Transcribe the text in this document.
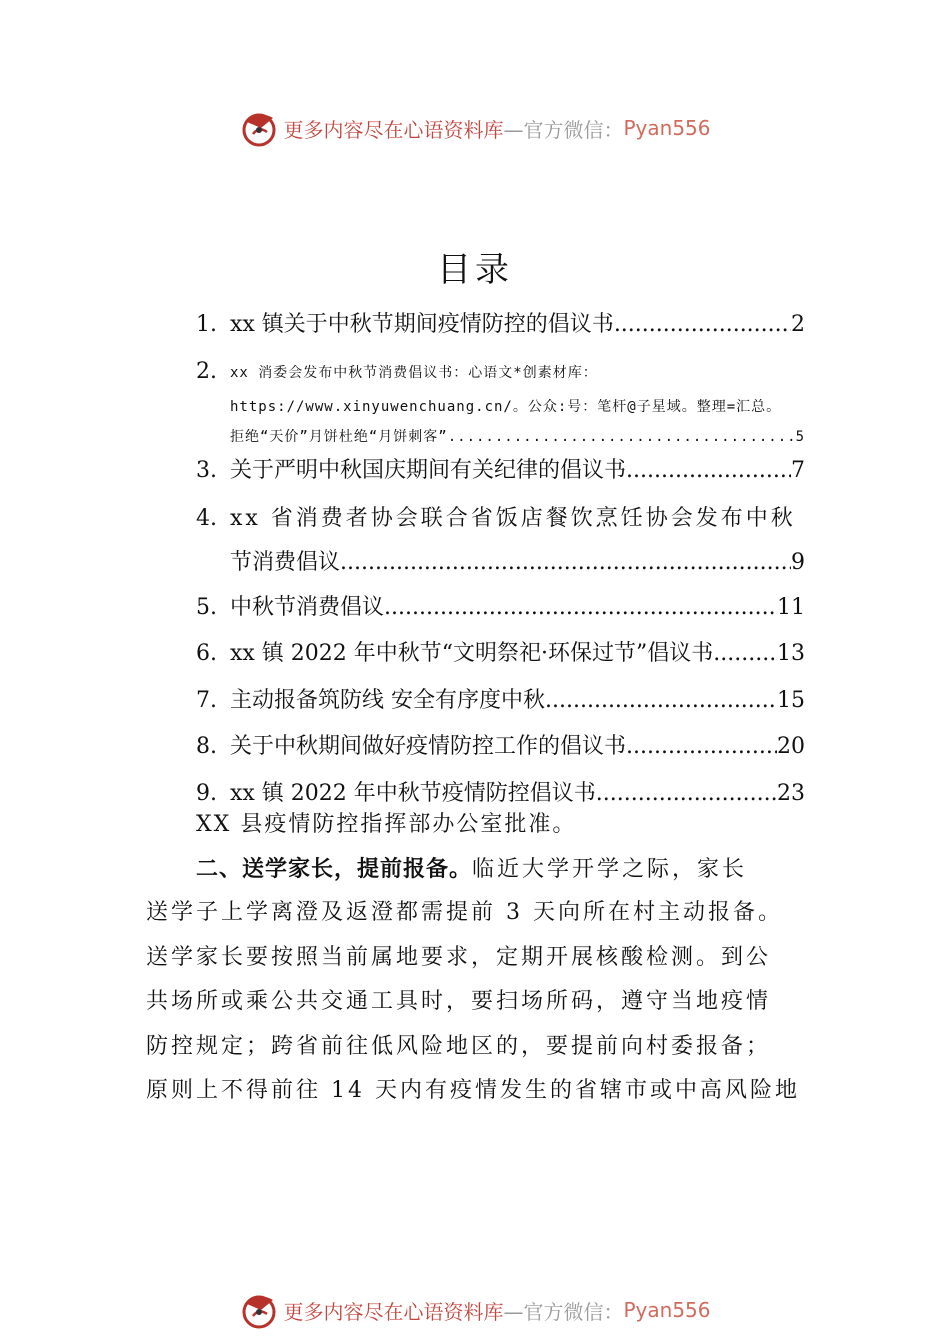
更多内容尽在心语资料库 —官方微信： Pyan556
目录
1. xx 镇关于中秋节期间疫情防控的倡议书 .....	2
2. xx 消委会发布中秋节消费倡议书：心语文*创素材库：
https://www.xinyuwenchuang.cn/。公众:号：笔杆@子星域。整理=汇总。
拒绝“天价”月饼杜绝“月饼刺客” .....	5
3. 关于严明中秋国庆期间有关纪律的倡议书 .....	7
4. xx 省消费者协会联合省饭店餐饮烹饪协会发布中秋
节消费倡议 .....	9
5. 中秋节消费倡议 .....	11
6. xx 镇 2022 年中秋节“文明祭祀·环保过节”倡议书 .....	13
7. 主动报备筑防线 安全有序度中秋 .....	15
8. 关于中秋期间做好疫情防控工作的倡议书 .....	20
9. xx 镇 2022 年中秋节疫情防控倡议书 .....	23
XX 县疫情防控指挥部办公室批准。
二、送学家长，提前报备。临近大学开学之际，家长
送学子上学离澄及返澄都需提前 3 天向所在村主动报备。
送学家长要按照当前属地要求，定期开展核酸检测。到公
共场所或乘公共交通工具时，要扫场所码，遵守当地疫情
防控规定；跨省前往低风险地区的，要提前向村委报备；
原则上不得前往 14 天内有疫情发生的省辖市或中高风险地
更多内容尽在心语资料库 —官方微信： Pyan556
